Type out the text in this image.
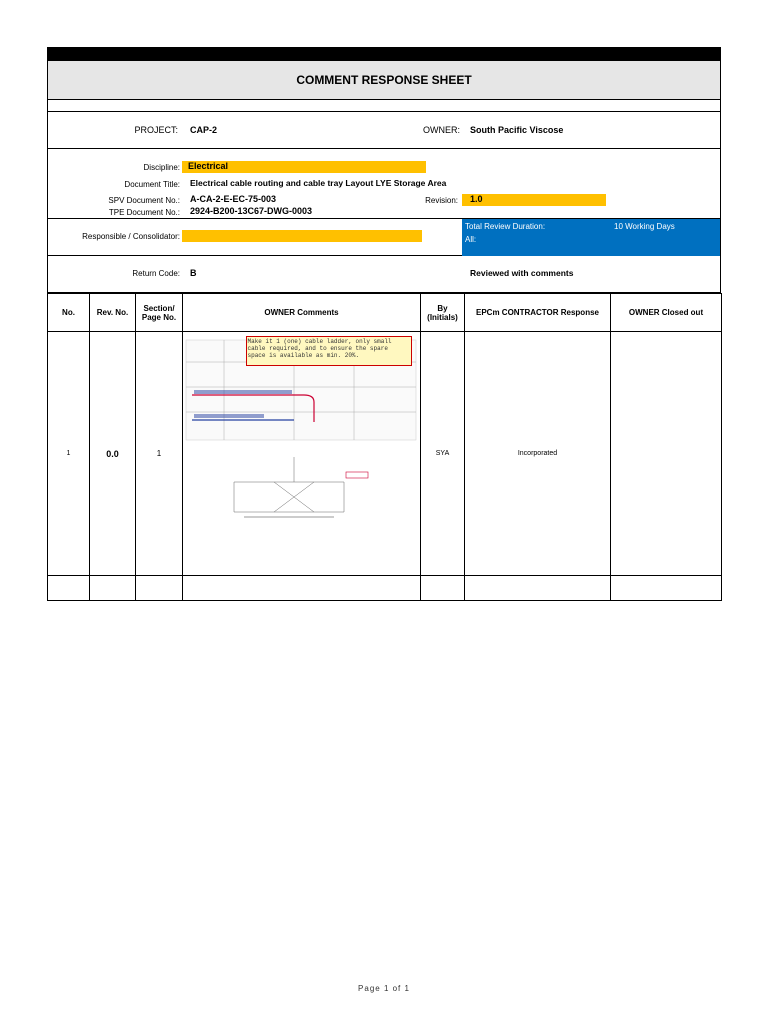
COMMENT RESPONSE SHEET
PROJECT: CAP-2	OWNER: South Pacific Viscose
Discipline: Electrical
Document Title: Electrical cable routing and cable tray Layout LYE Storage Area
SPV Document No.: A-CA-2-E-EC-75-003	Revision:	1.0
TPE Document No.: 2924-B200-13C67-DWG-0003
Responsible / Consolidator:
Total Review Duration:	10 Working Days
All:
Return Code: B	Reviewed with comments
No.	Rev. No.	Section/ Page No.	OWNER Comments	By (Initials)	EPCm CONTRACTOR Response	OWNER Closed out
1	0.0	1	Make it 1 (one) cable ladder, only small cable required, and to ensure the spare space is available as min. 20%.	SYA	Incorporated	

Page 1 of 1
